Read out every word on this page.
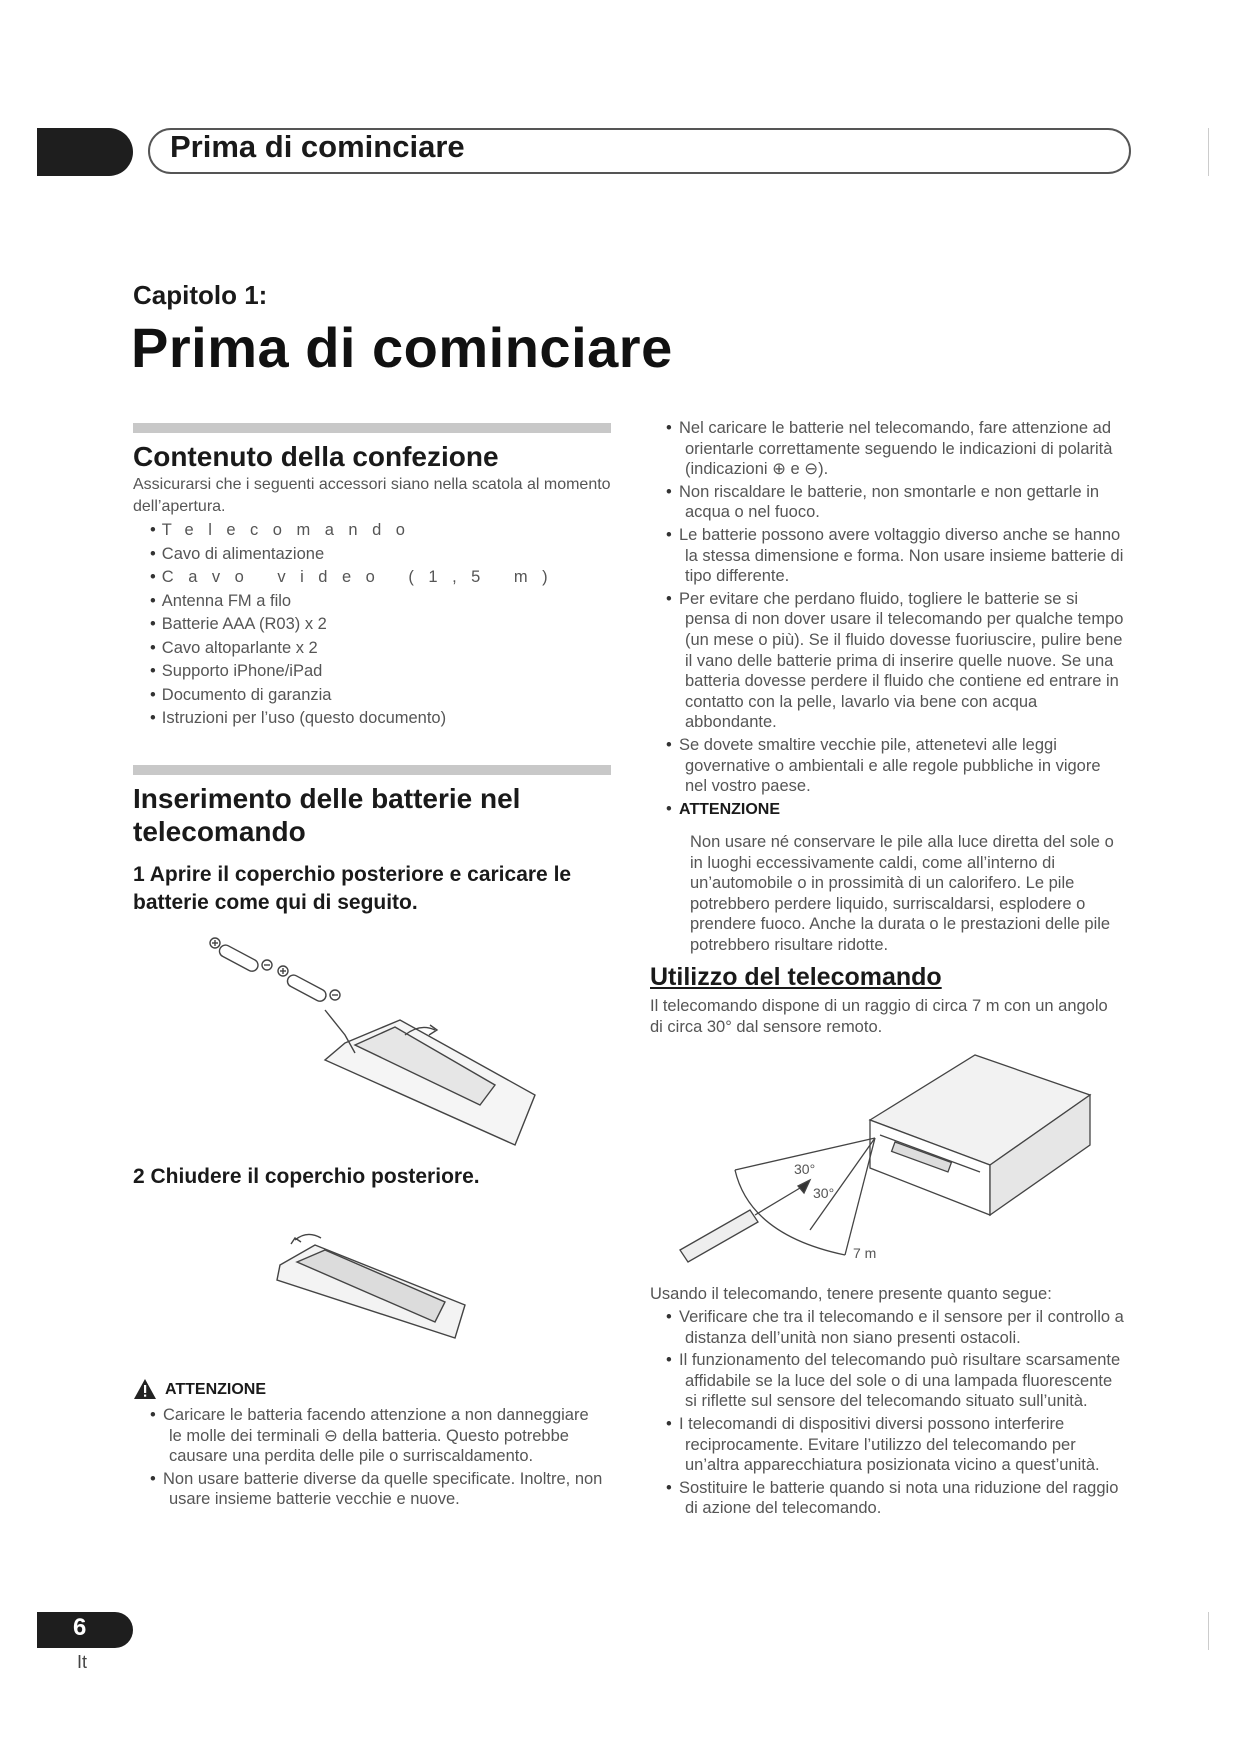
Prima di cominciare
Capitolo 1:
Prima di cominciare
Contenuto della confezione
Assicurarsi che i seguenti accessori siano nella scatola al momento dell’apertura.
• Telecomando
• Cavo di alimentazione
• Cavo video (1,5 m)
• Antenna FM a filo
• Batterie AAA (R03) x 2
• Cavo altoparlante x 2
• Supporto iPhone/iPad
• Documento di garanzia
• Istruzioni per l’uso (questo documento)
Inserimento delle batterie nel telecomando
1 Aprire il coperchio posteriore e caricare le batterie come qui di seguito.
2 Chiudere il coperchio posteriore.
ATTENZIONE
• Caricare le batteria facendo attenzione a non danneggiare le molle dei terminali ⊖ della batteria. Questo potrebbe causare una perdita delle pile o surriscaldamento.
• Non usare batterie diverse da quelle specificate. Inoltre, non usare insieme batterie vecchie e nuove.
• Nel caricare le batterie nel telecomando, fare attenzione ad orientarle correttamente seguendo le indicazioni di polarità (indicazioni ⊕ e ⊖).
• Non riscaldare le batterie, non smontarle e non gettarle in acqua o nel fuoco.
• Le batterie possono avere voltaggio diverso anche se hanno la stessa dimensione e forma. Non usare insieme batterie di tipo differente.
• Per evitare che perdano fluido, togliere le batterie se si pensa di non dover usare il telecomando per qualche tempo (un mese o più). Se il fluido dovesse fuoriuscire, pulire bene il vano delle batterie prima di inserire quelle nuove. Se una batteria dovesse perdere il fluido che contiene ed entrare in contatto con la pelle, lavarlo via bene con acqua abbondante.
• Se dovete smaltire vecchie pile, attenetevi alle leggi governative o ambientali e alle regole pubbliche in vigore nel vostro paese.
• ATTENZIONE
Non usare né conservare le pile alla luce diretta del sole o in luoghi eccessivamente caldi, come all’interno di un’automobile o in prossimità di un calorifero. Le pile potrebbero perdere liquido, surriscaldarsi, esplodere o prendere fuoco. Anche la durata o le prestazioni delle pile potrebbero risultare ridotte.
Utilizzo del telecomando
Il telecomando dispone di un raggio di circa 7 m con un angolo di circa 30° dal sensore remoto.
30°
30°
7 m
Usando il telecomando, tenere presente quanto segue:
• Verificare che tra il telecomando e il sensore per il controllo a distanza dell’unità non siano presenti ostacoli.
• Il funzionamento del telecomando può risultare scarsamente affidabile se la luce del sole o di una lampada fluorescente si riflette sul sensore del telecomando situato sull’unità.
• I telecomandi di dispositivi diversi possono interferire reciprocamente. Evitare l’utilizzo del telecomando per un’altra apparecchiatura posizionata vicino a quest’unità.
• Sostituire le batterie quando si nota una riduzione del raggio di azione del telecomando.
6
It
